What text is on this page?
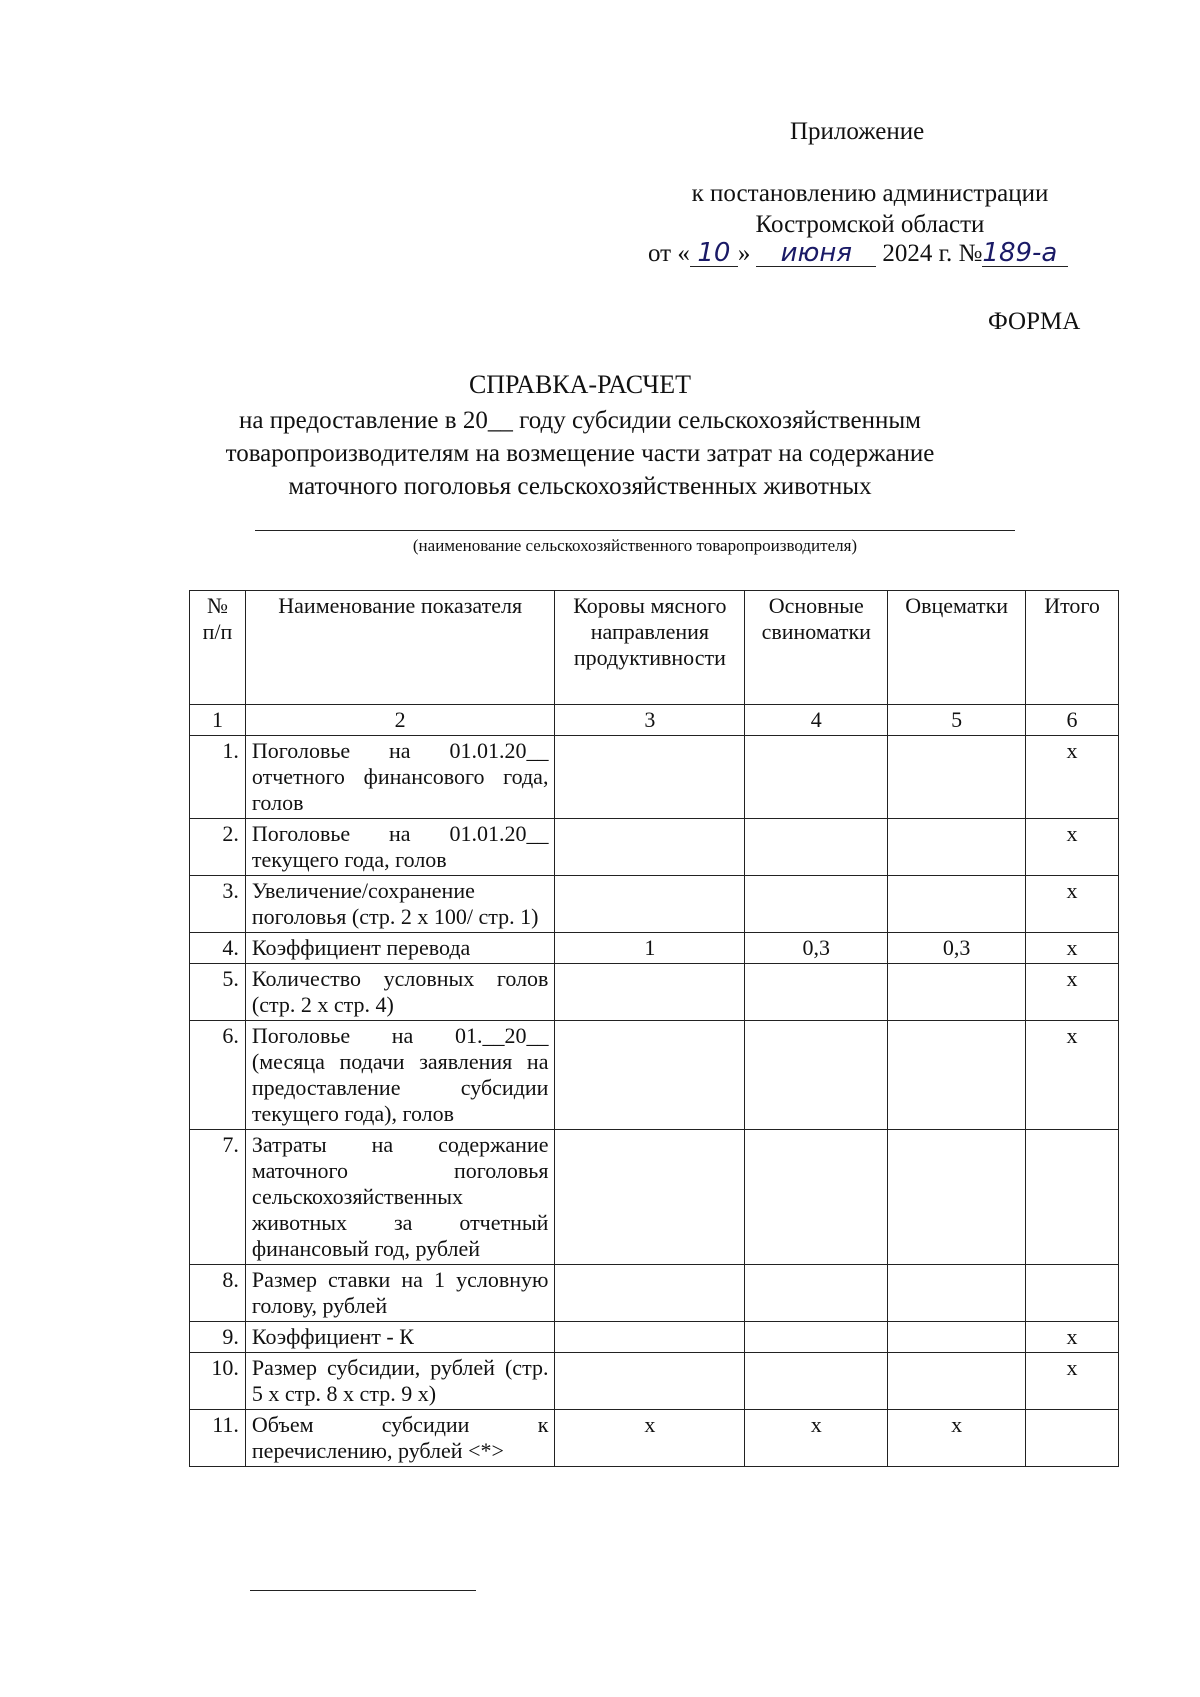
Приложение
к постановлению администрации
Костромской области
от « 10 » июня 2024 г. №189-а
ФОРМА
СПРАВКА-РАСЧЕТ
на предоставление в 20__ году субсидии сельскохозяйственным
товаропроизводителям на возмещение части затрат на содержание
маточного поголовья сельскохозяйственных животных
(наименование сельскохозяйственного товаропроизводителя)
№ п/п	Наименование показателя	Коровы мясного направления продуктивности	Основные свиноматки	Овцематки	Итого
1	2	3	4	5	6
1.	Поголовье на 01.01.20__ отчетного финансового года, голов				х
2.	Поголовье на 01.01.20__ текущего года, голов				х
3.	Увеличение/сохранение поголовья (стр. 2 х 100/ стр. 1)				х
4.	Коэффициент перевода	1	0,3	0,3	х
5.	Количество условных голов (стр. 2 х стр. 4)				х
6.	Поголовье на 01.__20__ (месяца подачи заявления на предоставление субсидии текущего года), голов				х
7.	Затраты на содержание маточного поголовья сельскохозяйственных животных за отчетный финансовый год, рублей				
8.	Размер ставки на 1 условную голову, рублей				
9.	Коэффициент - К				х
10.	Размер субсидии, рублей (стр. 5 х стр. 8 х стр. 9 х)				х
11.	Объем субсидии к перечислению, рублей <*>	х	х	х	
